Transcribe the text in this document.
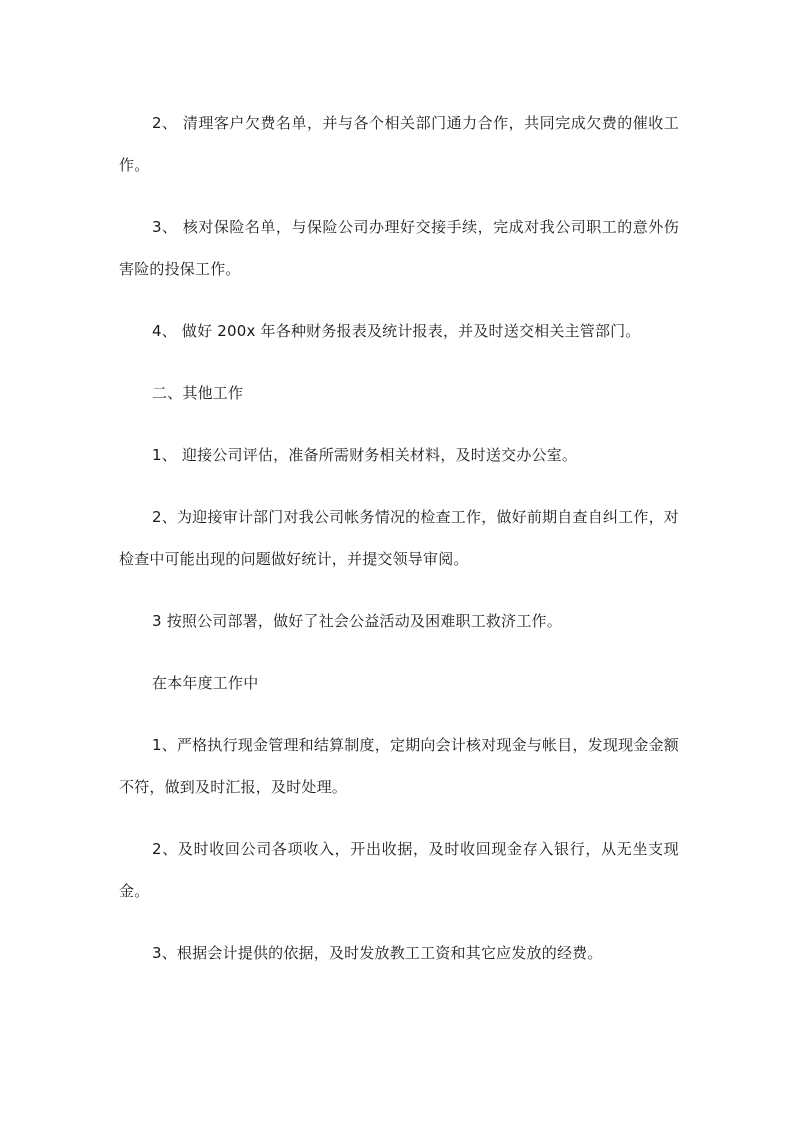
2、 清理客户欠费名单，并与各个相关部门通力合作，共同完成欠费的催收工作。

3、 核对保险名单，与保险公司办理好交接手续，完成对我公司职工的意外伤害险的投保工作。

4、 做好 200x 年各种财务报表及统计报表，并及时送交相关主管部门。

二、其他工作

1、 迎接公司评估，准备所需财务相关材料，及时送交办公室。

2、为迎接审计部门对我公司帐务情况的检查工作，做好前期自查自纠工作，对检查中可能出现的问题做好统计，并提交领导审阅。

3 按照公司部署，做好了社会公益活动及困难职工救济工作。

在本年度工作中

1、严格执行现金管理和结算制度，定期向会计核对现金与帐目，发现现金金额不符，做到及时汇报，及时处理。

2、及时收回公司各项收入，开出收据，及时收回现金存入银行，从无坐支现金。

3、根据会计提供的依据，及时发放教工工资和其它应发放的经费。
